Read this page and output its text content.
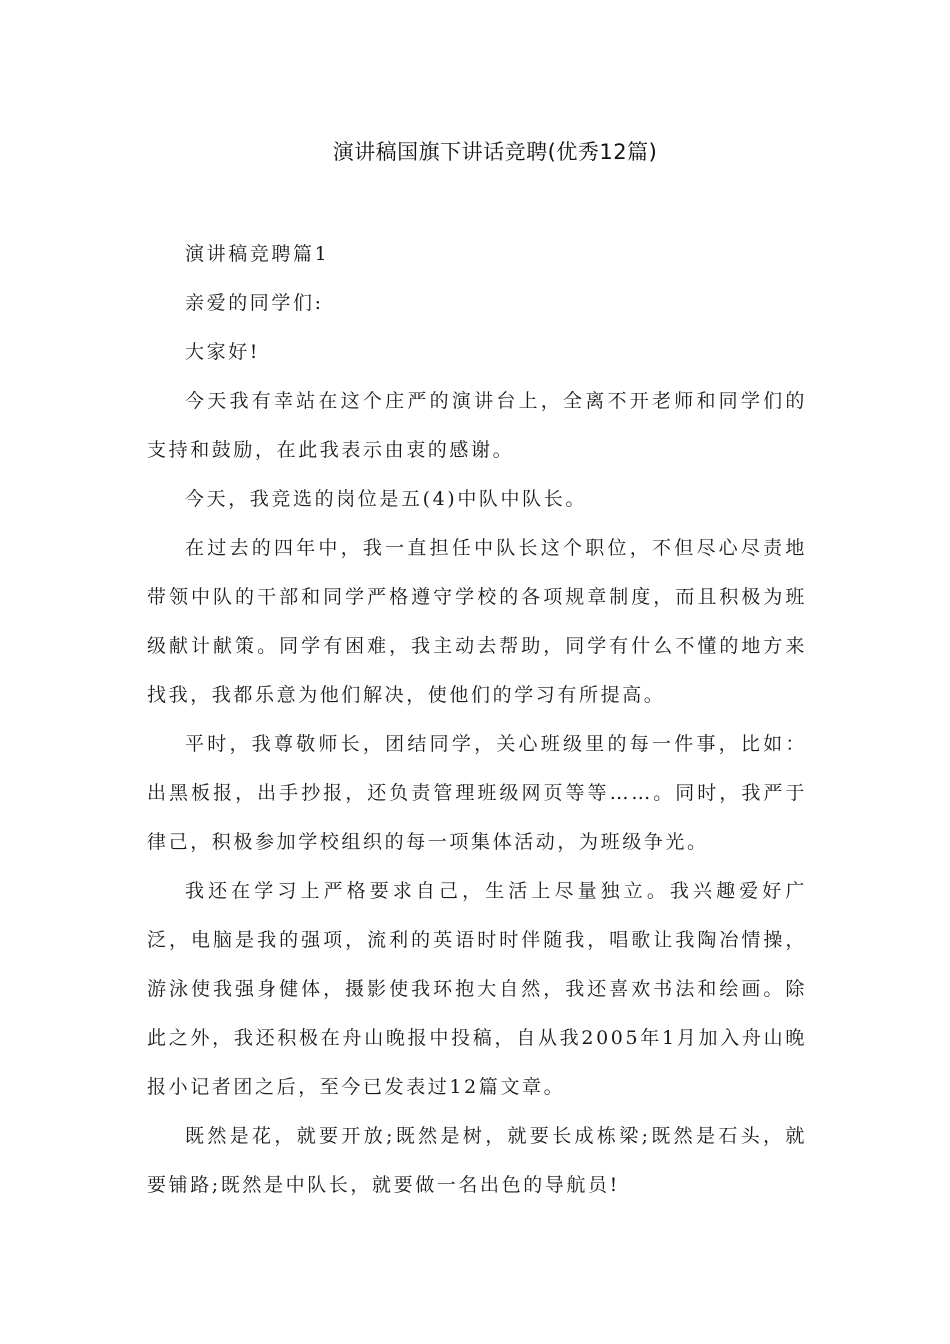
演讲稿国旗下讲话竞聘(优秀12篇)

演讲稿竞聘篇1

亲爱的同学们:

大家好!

今天我有幸站在这个庄严的演讲台上，全离不开老师和同学们的支持和鼓励，在此我表示由衷的感谢。

今天，我竞选的岗位是五(4)中队中队长。

在过去的四年中，我一直担任中队长这个职位，不但尽心尽责地带领中队的干部和同学严格遵守学校的各项规章制度，而且积极为班级献计献策。同学有困难，我主动去帮助，同学有什么不懂的地方来找我，我都乐意为他们解决，使他们的学习有所提高。

平时，我尊敬师长，团结同学，关心班级里的每一件事，比如：出黑板报，出手抄报，还负责管理班级网页等等……。同时，我严于律己，积极参加学校组织的每一项集体活动，为班级争光。

我还在学习上严格要求自己，生活上尽量独立。我兴趣爱好广泛，电脑是我的强项，流利的英语时时伴随我，唱歌让我陶冶情操，游泳使我强身健体，摄影使我环抱大自然，我还喜欢书法和绘画。除此之外，我还积极在舟山晚报中投稿，自从我2005年1月加入舟山晚报小记者团之后，至今已发表过12篇文章。

既然是花，就要开放;既然是树，就要长成栋梁;既然是石头，就要铺路;既然是中队长，就要做一名出色的导航员!
